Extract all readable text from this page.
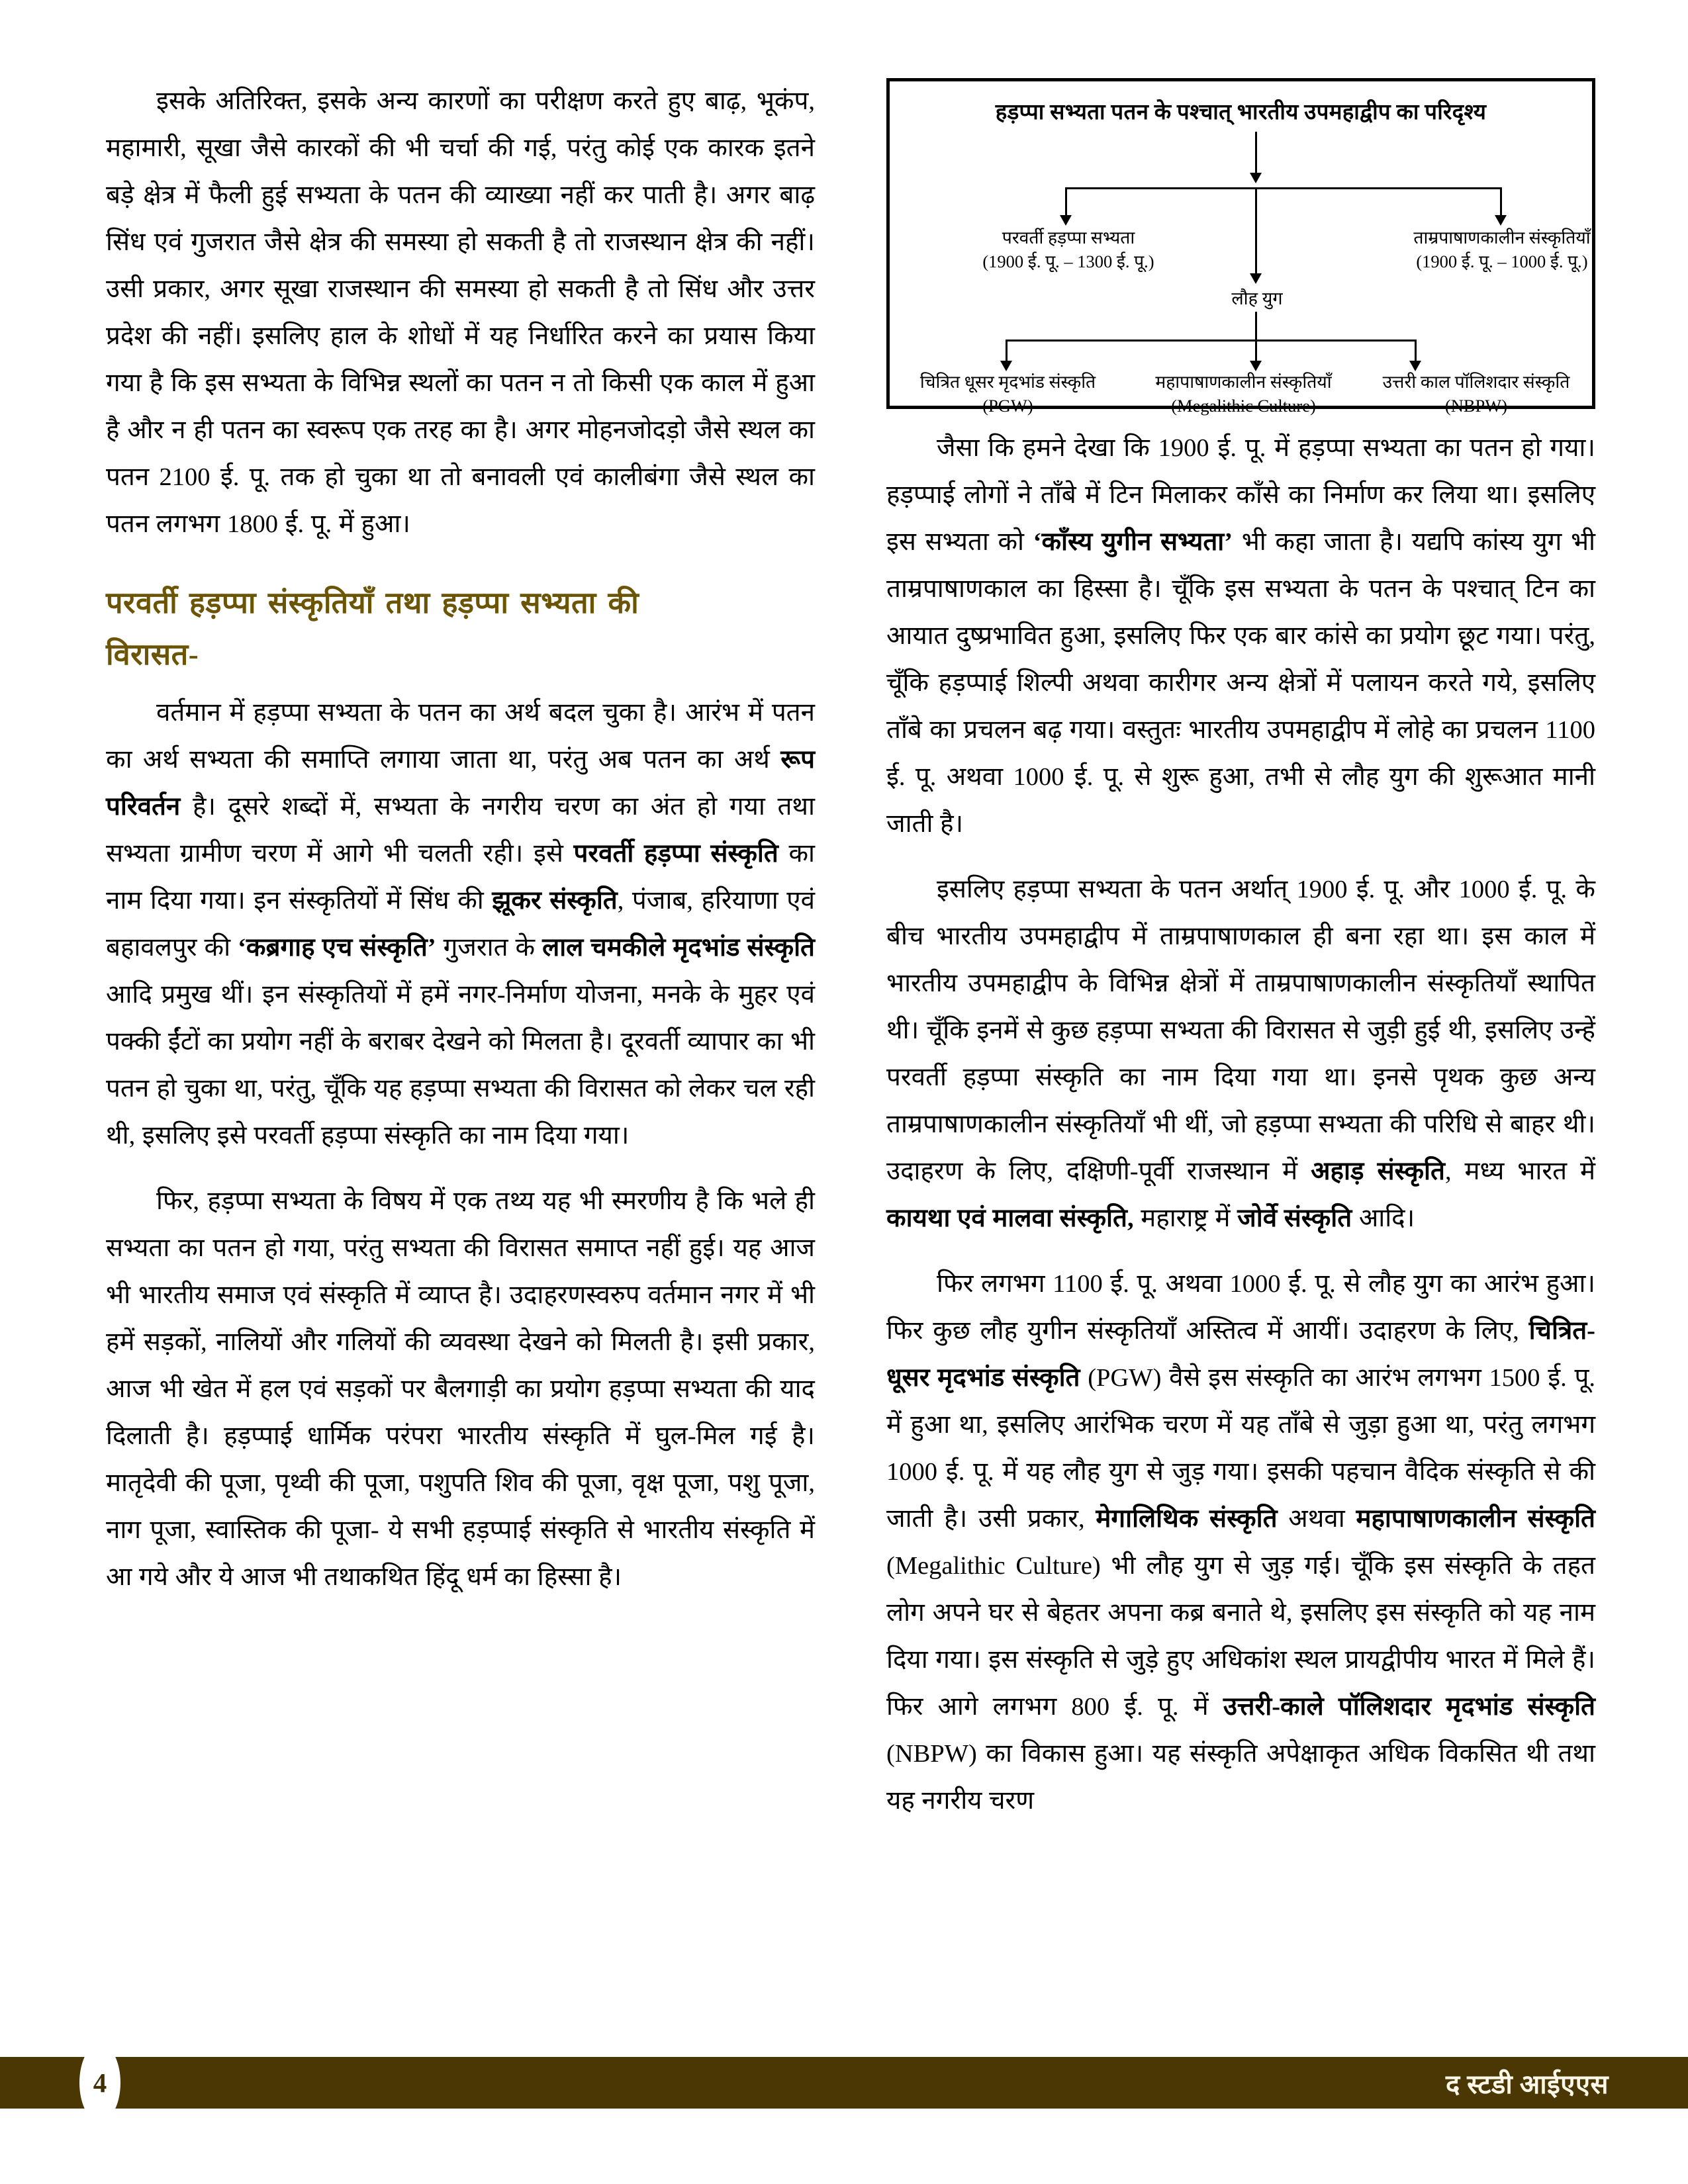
इसके अतिरिक्त, इसके अन्य कारणों का परीक्षण करते हुए बाढ़, भूकंप, महामारी, सूखा जैसे कारकों की भी चर्चा की गई, परंतु कोई एक कारक इतने बड़े क्षेत्र में फैली हुई सभ्यता के पतन की व्याख्या नहीं कर पाती है। अगर बाढ़ सिंध एवं गुजरात जैसे क्षेत्र की समस्या हो सकती है तो राजस्थान क्षेत्र की नहीं। उसी प्रकार, अगर सूखा राजस्थान की समस्या हो सकती है तो सिंध और उत्तर प्रदेश की नहीं। इसलिए हाल के शोधों में यह निर्धारित करने का प्रयास किया गया है कि इस सभ्यता के विभिन्न स्थलों का पतन न तो किसी एक काल में हुआ है और न ही पतन का स्वरूप एक तरह का है। अगर मोहनजोदड़ो जैसे स्थल का पतन 2100 ई. पू. तक हो चुका था तो बनावली एवं कालीबंगा जैसे स्थल का पतन लगभग 1800 ई. पू. में हुआ।

परवर्ती हड़प्पा संस्कृतियाँ तथा हड़प्पा सभ्यता की
विरासत-

वर्तमान में हड़प्पा सभ्यता के पतन का अर्थ बदल चुका है। आरंभ में पतन का अर्थ सभ्यता की समाप्ति लगाया जाता था, परंतु अब पतन का अर्थ रूप परिवर्तन है। दूसरे शब्दों में, सभ्यता के नगरीय चरण का अंत हो गया तथा सभ्यता ग्रामीण चरण में आगे भी चलती रही। इसे परवर्ती हड़प्पा संस्कृति का नाम दिया गया। इन संस्कृतियों में सिंध की झूकर संस्कृति, पंजाब, हरियाणा एवं बहावलपुर की ‘कब्रगाह एच संस्कृति’ गुजरात के लाल चमकीले मृदभांड संस्कृति आदि प्रमुख थीं। इन संस्कृतियों में हमें नगर-निर्माण योजना, मनके के मुहर एवं पक्की ईंटों का प्रयोग नहीं के बराबर देखने को मिलता है। दूरवर्ती व्यापार का भी पतन हो चुका था, परंतु, चूँकि यह हड़प्पा सभ्यता की विरासत को लेकर चल रही थी, इसलिए इसे परवर्ती हड़प्पा संस्कृति का नाम दिया गया।

फिर, हड़प्पा सभ्यता के विषय में एक तथ्य यह भी स्मरणीय है कि भले ही सभ्यता का पतन हो गया, परंतु सभ्यता की विरासत समाप्त नहीं हुई। यह आज भी भारतीय समाज एवं संस्कृति में व्याप्त है। उदाहरणस्वरुप वर्तमान नगर में भी हमें सड़कों, नालियों और गलियों की व्यवस्था देखने को मिलती है। इसी प्रकार, आज भी खेत में हल एवं सड़कों पर बैलगाड़ी का प्रयोग हड़प्पा सभ्यता की याद दिलाती है। हड़प्पाई धार्मिक परंपरा भारतीय संस्कृति में घुल-मिल गई है। मातृदेवी की पूजा, पृथ्वी की पूजा, पशुपति शिव की पूजा, वृक्ष पूजा, पशु पूजा, नाग पूजा, स्वास्तिक की पूजा- ये सभी हड़प्पाई संस्कृति से भारतीय संस्कृति में आ गये और ये आज भी तथाकथित हिंदू धर्म का हिस्सा है।

हड़प्पा सभ्यता पतन के पश्चात् भारतीय उपमहाद्वीप का परिदृश्य
परवर्ती हड़प्पा सभ्यता
(1900 ई. पू. – 1300 ई. पू.)
ताम्रपाषाणकालीन संस्कृतियाँ
(1900 ई. पू. – 1000 ई. पू.)
लौह युग
चित्रित धूसर मृदभांड संस्कृति
(PGW)
महापाषाणकालीन संस्कृतियाँ
(Megalithic Culture)
उत्तरी काल पॉलिशदार संस्कृति
(NBPW)

जैसा कि हमने देखा कि 1900 ई. पू. में हड़प्पा सभ्यता का पतन हो गया। हड़प्पाई लोगों ने ताँबे में टिन मिलाकर काँसे का निर्माण कर लिया था। इसलिए इस सभ्यता को ‘काँस्य युगीन सभ्यता’ भी कहा जाता है। यद्यपि कांस्य युग भी ताम्रपाषाणकाल का हिस्सा है। चूँकि इस सभ्यता के पतन के पश्चात् टिन का आयात दुष्प्रभावित हुआ, इसलिए फिर एक बार कांसे का प्रयोग छूट गया। परंतु, चूँकि हड़प्पाई शिल्पी अथवा कारीगर अन्य क्षेत्रों में पलायन करते गये, इसलिए ताँबे का प्रचलन बढ़ गया। वस्तुतः भारतीय उपमहाद्वीप में लोहे का प्रचलन 1100 ई. पू. अथवा 1000 ई. पू. से शुरू हुआ, तभी से लौह युग की शुरूआत मानी जाती है।

इसलिए हड़प्पा सभ्यता के पतन अर्थात् 1900 ई. पू. और 1000 ई. पू. के बीच भारतीय उपमहाद्वीप में ताम्रपाषाणकाल ही बना रहा था। इस काल में भारतीय उपमहाद्वीप के विभिन्न क्षेत्रों में ताम्रपाषाणकालीन संस्कृतियाँ स्थापित थी। चूँकि इनमें से कुछ हड़प्पा सभ्यता की विरासत से जुड़ी हुई थी, इसलिए उन्हें परवर्ती हड़प्पा संस्कृति का नाम दिया गया था। इनसे पृथक कुछ अन्य ताम्रपाषाणकालीन संस्कृतियाँ भी थीं, जो हड़प्पा सभ्यता की परिधि से बाहर थी। उदाहरण के लिए, दक्षिणी-पूर्वी राजस्थान में अहाड़ संस्कृति, मध्य भारत में कायथा एवं मालवा संस्कृति, महाराष्ट्र में जोर्वे संस्कृति आदि।

फिर लगभग 1100 ई. पू. अथवा 1000 ई. पू. से लौह युग का आरंभ हुआ। फिर कुछ लौह युगीन संस्कृतियाँ अस्तित्व में आयीं। उदाहरण के लिए, चित्रित-धूसर मृदभांड संस्कृति (PGW) वैसे इस संस्कृति का आरंभ लगभग 1500 ई. पू. में हुआ था, इसलिए आरंभिक चरण में यह ताँबे से जुड़ा हुआ था, परंतु लगभग 1000 ई. पू. में यह लौह युग से जुड़ गया। इसकी पहचान वैदिक संस्कृति से की जाती है। उसी प्रकार, मेगालिथिक संस्कृति अथवा महापाषाणकालीन संस्कृति (Megalithic Culture) भी लौह युग से जुड़ गई। चूँकि इस संस्कृति के तहत लोग अपने घर से बेहतर अपना कब्र बनाते थे, इसलिए इस संस्कृति को यह नाम दिया गया। इस संस्कृति से जुड़े हुए अधिकांश स्थल प्रायद्वीपीय भारत में मिले हैं। फिर आगे लगभग 800 ई. पू. में उत्तरी-काले पॉलिशदार मृदभांड संस्कृति (NBPW) का विकास हुआ। यह संस्कृति अपेक्षाकृत अधिक विकसित थी तथा यह नगरीय चरण

4	द स्टडी आईएएस
